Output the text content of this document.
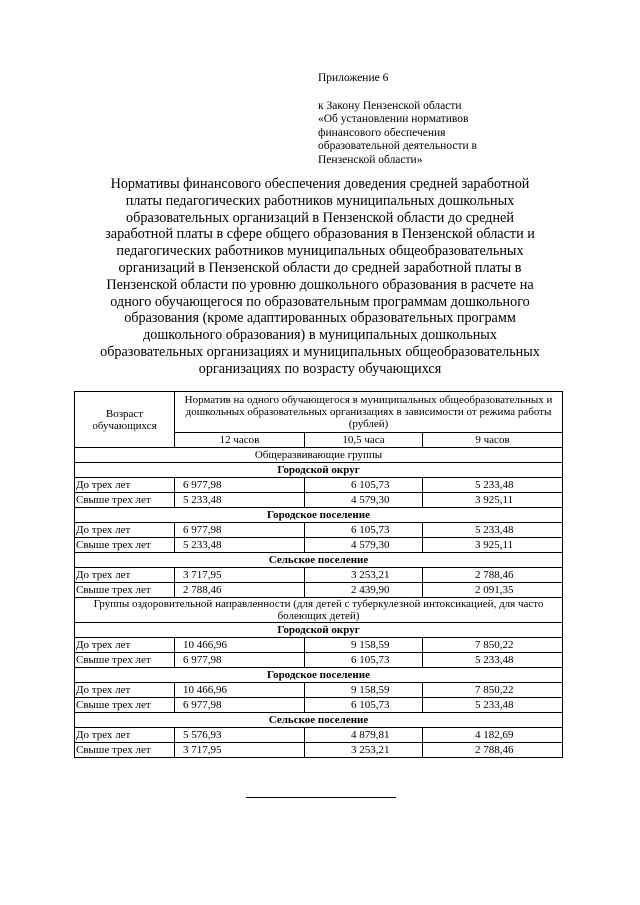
Приложение 6
к Закону Пензенской области
«Об установлении нормативов
финансового обеспечения
образовательной деятельности в
Пензенской области»
Нормативы финансового обеспечения доведения средней заработной
платы педагогических работников муниципальных дошкольных
образовательных организаций в Пензенской области до средней
заработной платы в сфере общего образования в Пензенской области и
педагогических работников муниципальных общеобразовательных
организаций в Пензенской области до средней заработной платы в
Пензенской области по уровню дошкольного образования в расчете на
одного обучающегося по образовательным программам дошкольного
образования (кроме адаптированных образовательных программ
дошкольного образования) в муниципальных дошкольных
образовательных организациях и муниципальных общеобразовательных
организациях по возрасту обучающихся
Возраст обучающихся	Норматив на одного обучающегося в муниципальных общеобразовательных и дошкольных образовательных организациях в зависимости от режима работы (рублей)		
	12 часов	10,5 часа	9 часов
Общеразвивающие группы			
Городской округ			
До трех лет	6 977,98	6 105,73	5 233,48
Свыше трех лет	5 233,48	4 579,30	3 925,11
Городское поселение			
До трех лет	6 977,98	6 105,73	5 233,48
Свыше трех лет	5 233,48	4 579,30	3 925,11
Сельское поселение			
До трех лет	3 717,95	3 253,21	2 788,46
Свыше трех лет	2 788,46	2 439,90	2 091,35
Группы оздоровительной направленности (для детей с туберкулезной интоксикацией, для часто болеющих детей)			
Городской округ			
До трех лет	10 466,96	9 158,59	7 850,22
Свыше трех лет	6 977,98	6 105,73	5 233,48
Городское поселение			
До трех лет	10 466,96	9 158,59	7 850,22
Свыше трех лет	6 977,98	6 105,73	5 233,48
Сельское поселение			
До трех лет	5 576,93	4 879,81	4 182,69
Свыше трех лет	3 717,95	3 253,21	2 788,46
